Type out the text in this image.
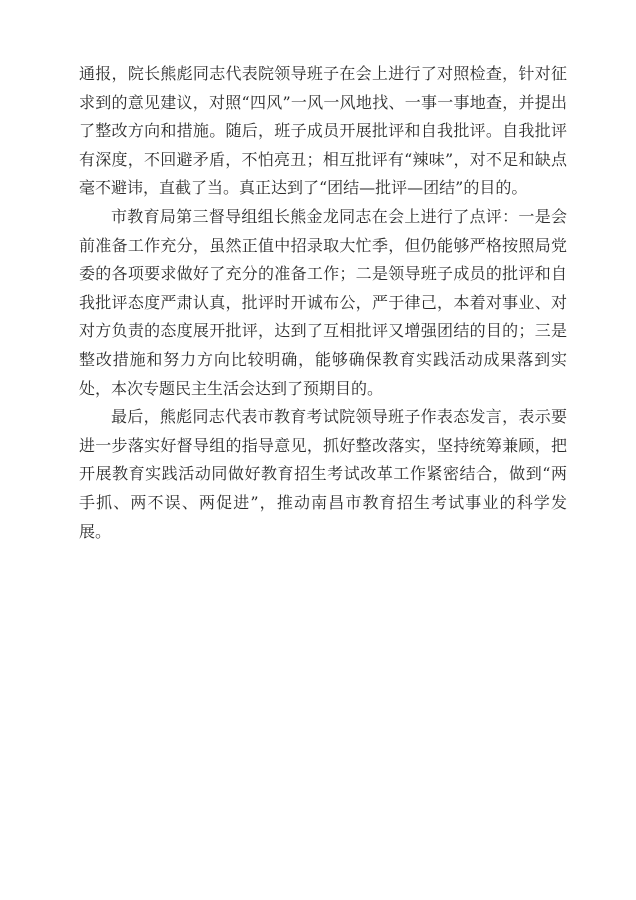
通报，院长熊彪同志代表院领导班子在会上进行了对照检查，针对征求到的意见建议，对照“四风”一风一风地找、一事一事地查，并提出了整改方向和措施。随后，班子成员开展批评和自我批评。自我批评有深度，不回避矛盾，不怕亮丑；相互批评有“辣味”，对不足和缺点毫不避讳，直截了当。真正达到了“团结—批评—团结”的目的。

市教育局第三督导组组长熊金龙同志在会上进行了点评：一是会前准备工作充分，虽然正值中招录取大忙季，但仍能够严格按照局党委的各项要求做好了充分的准备工作；二是领导班子成员的批评和自我批评态度严肃认真，批评时开诚布公，严于律己，本着对事业、对对方负责的态度展开批评，达到了互相批评又增强团结的目的；三是整改措施和努力方向比较明确，能够确保教育实践活动成果落到实处，本次专题民主生活会达到了预期目的。

最后，熊彪同志代表市教育考试院领导班子作表态发言，表示要进一步落实好督导组的指导意见，抓好整改落实，坚持统筹兼顾，把开展教育实践活动同做好教育招生考试改革工作紧密结合，做到“两手抓、两不误、两促进”，推动南昌市教育招生考试事业的科学发展。
